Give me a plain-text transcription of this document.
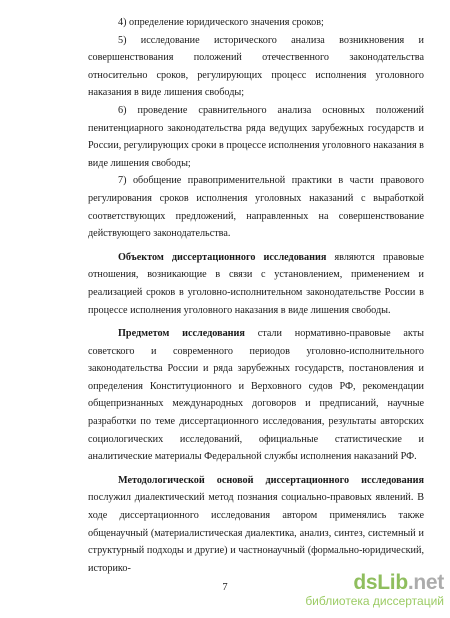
4) определение юридического значения сроков;

5) исследование исторического анализа возникновения и совершенствования положений отечественного законодательства относительно сроков, регулирующих процесс исполнения уголовного наказания в виде лишения свободы;

6) проведение сравнительного анализа основных положений пенитенциарного законодательства ряда ведущих зарубежных государств и России, регулирующих сроки в процессе исполнения уголовного наказания в виде лишения свободы;

7) обобщение правоприменительной практики в части правового регулирования сроков исполнения уголовных наказаний с выработкой соответствующих предложений, направленных на совершенствование действующего законодательства.

Объектом диссертационного исследования являются правовые отношения, возникающие в связи с установлением, применением и реализацией сроков в уголовно-исполнительном законодательстве России в процессе исполнения уголовного наказания в виде лишения свободы.

Предметом исследования стали нормативно-правовые акты советского и современного периодов уголовно-исполнительного законодательства России и ряда зарубежных государств, постановления и определения Конституционного и Верховного судов РФ, рекомендации общепризнанных международных договоров и предписаний, научные разработки по теме диссертационного исследования, результаты авторских социологических исследований, официальные статистические и аналитические материалы Федеральной службы исполнения наказаний РФ.

Методологической основой диссертационного исследования послужил диалектический метод познания социально-правовых явлений. В ходе диссертационного исследования автором применялись также общенаучный (материалистическая диалектика, анализ, синтез, системный и структурный подходы и другие) и частнонаучный (формально-юридический, историко-

7	dsLib.net
библиотека диссертаций
